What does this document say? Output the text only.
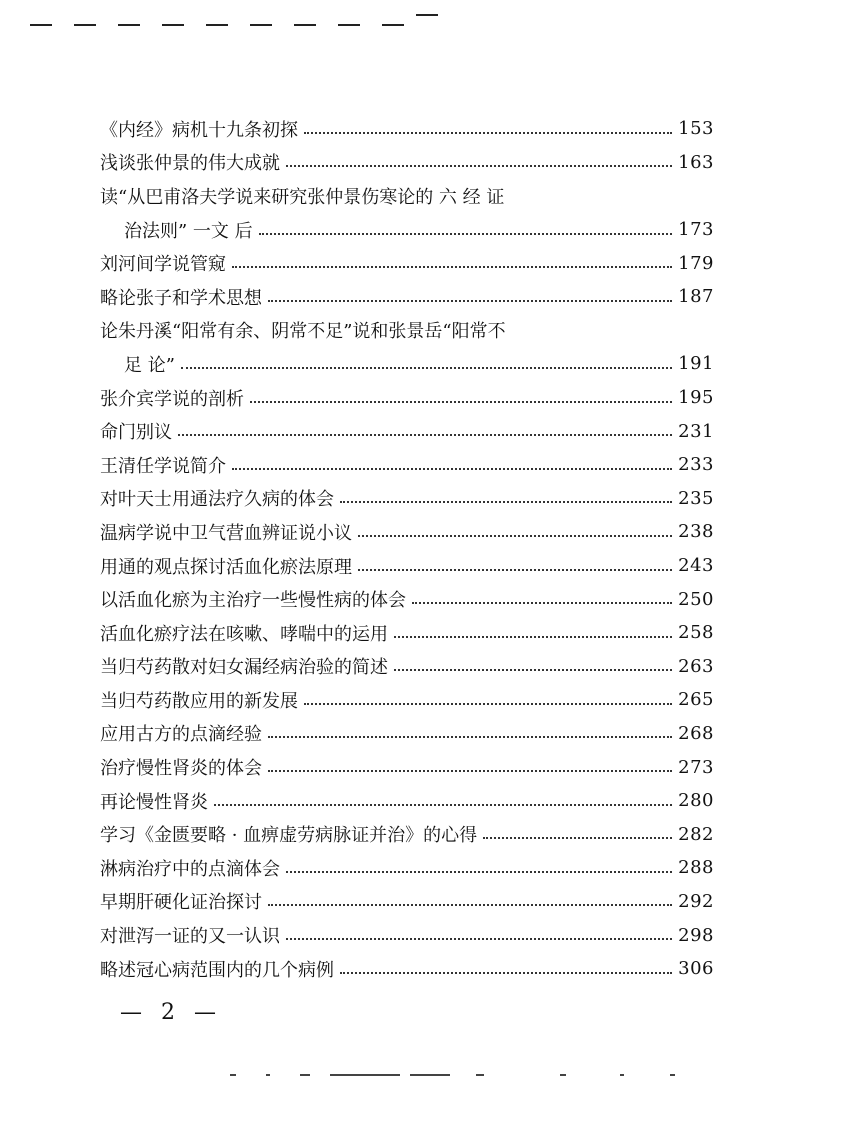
《内经》病机十九条初探	153
浅谈张仲景的伟大成就	163
读“从巴甫洛夫学说来研究张仲景伤寒论的 六 经 证
治法则” 一文 后	173
刘河间学说管窥	179
略论张子和学术思想	187
论朱丹溪“阳常有余、阴常不足”说和张景岳“阳常不
足 论”	191
张介宾学说的剖析	195
命门别议	231
王清任学说简介	233
对叶天士用通法疗久病的体会	235
温病学说中卫气营血辨证说小议	238
用通的观点探讨活血化瘀法原理	243
以活血化瘀为主治疗一些慢性病的体会	250
活血化瘀疗法在咳嗽、哮喘中的运用	258
当归芍药散对妇女漏经病治验的简述	263
当归芍药散应用的新发展	265
应用古方的点滴经验	268
治疗慢性肾炎的体会	273
再论慢性肾炎	280
学习《金匮要略 · 血痹虚劳病脉证并治》的心得	282
淋病治疗中的点滴体会	288
早期肝硬化证治探讨	292
对泄泻一证的又一认识	298
略述冠心病范围内的几个病例	306
— 2 —
